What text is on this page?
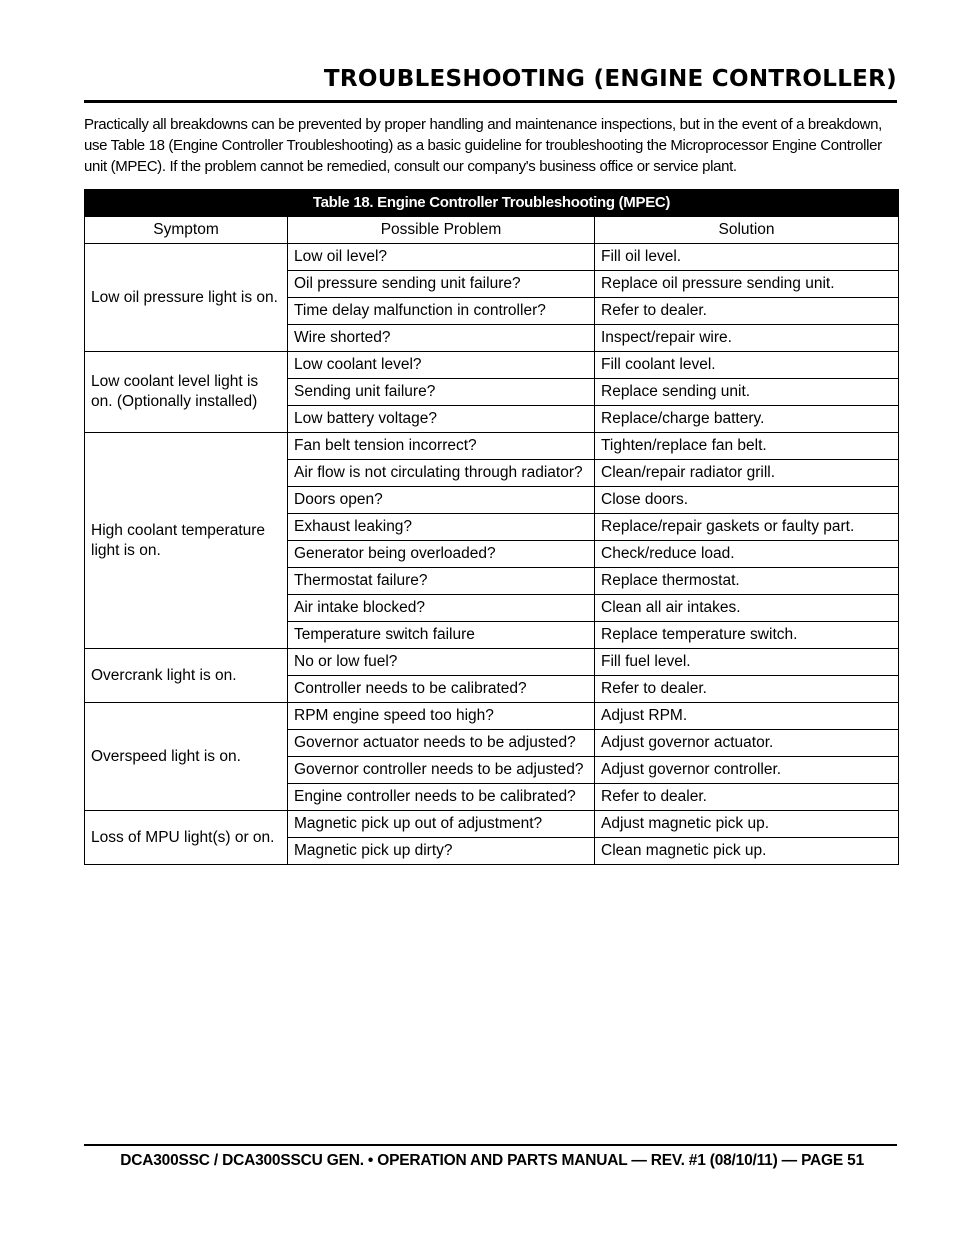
TROUBLESHOOTING (ENGINE CONTROLLER)

Practically all breakdowns can be prevented by proper handling and maintenance inspections, but in the event of a breakdown, use Table 18 (Engine Controller Troubleshooting) as a basic guideline for troubleshooting the Microprocessor Engine Controller unit (MPEC). If the problem cannot be remedied, consult our company's business office or service plant.

Table 18. Engine Controller Troubleshooting (MPEC)		
Symptom	Possible Problem	Solution
Low oil pressure light is on.	Low oil level?	Fill oil level.
	Oil pressure sending unit failure?	Replace oil pressure sending unit.
	Time delay malfunction in controller?	Refer to dealer.
	Wire shorted?	Inspect/repair wire.
Low coolant level light is on. (Optionally installed)	Low coolant level?	Fill coolant level.
	Sending unit failure?	Replace sending unit.
	Low battery voltage?	Replace/charge battery.
High coolant temperature light is on.	Fan belt tension incorrect?	Tighten/replace fan belt.
	Air flow is not circulating through radiator?	Clean/repair radiator grill.
	Doors open?	Close doors.
	Exhaust leaking?	Replace/repair gaskets or faulty part.
	Generator being overloaded?	Check/reduce load.
	Thermostat failure?	Replace thermostat.
	Air intake blocked?	Clean all air intakes.
	Temperature switch failure	Replace temperature switch.
Overcrank light is on.	No or low fuel?	Fill fuel level.
	Controller needs to be calibrated?	Refer to dealer.
Overspeed light is on.	RPM engine speed too high?	Adjust RPM.
	Governor actuator needs to be adjusted?	Adjust governor actuator.
	Governor controller needs to be adjusted?	Adjust governor controller.
	Engine controller needs to be calibrated?	Refer to dealer.
Loss of MPU light(s) or on.	Magnetic pick up out of adjustment?	Adjust magnetic pick up.
	Magnetic pick up dirty?	Clean magnetic pick up.
DCA300SSC / DCA300SSCU GEN. • OPERATION AND PARTS MANUAL — REV. #1 (08/10/11) — PAGE 51
